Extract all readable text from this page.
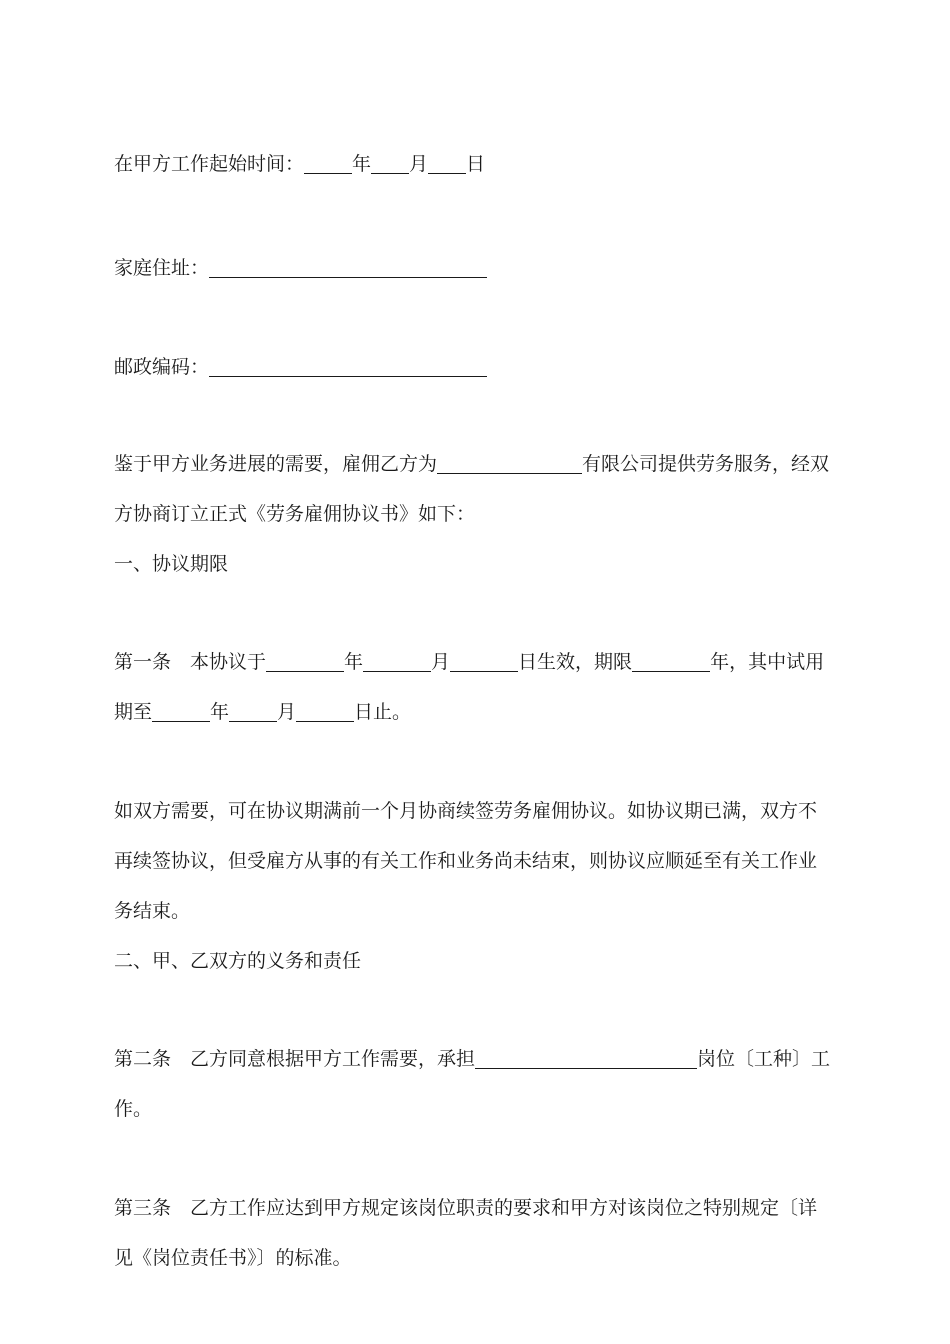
在甲方工作起始时间：	年 月 日
家庭住址：
邮政编码：
鉴于甲方业务进展的需要，雇佣乙方为	有限公司提供劳务服务，经双
方协商订立正式《劳务雇佣协议书》如下：
一、协议期限
第一条　本协议于	年	月	日生效，期限	年，其中试用
期至	年	月	日止。
如双方需要，可在协议期满前一个月协商续签劳务雇佣协议。如协议期已满，双方不
再续签协议，但受雇方从事的有关工作和业务尚未结束，则协议应顺延至有关工作业
务结束。
二、甲、乙双方的义务和责任
第二条　乙方同意根据甲方工作需要，承担	岗位〔工种〕工
作。
第三条　乙方工作应达到甲方规定该岗位职责的要求和甲方对该岗位之特别规定〔详
见《岗位责任书》〕的标准。
